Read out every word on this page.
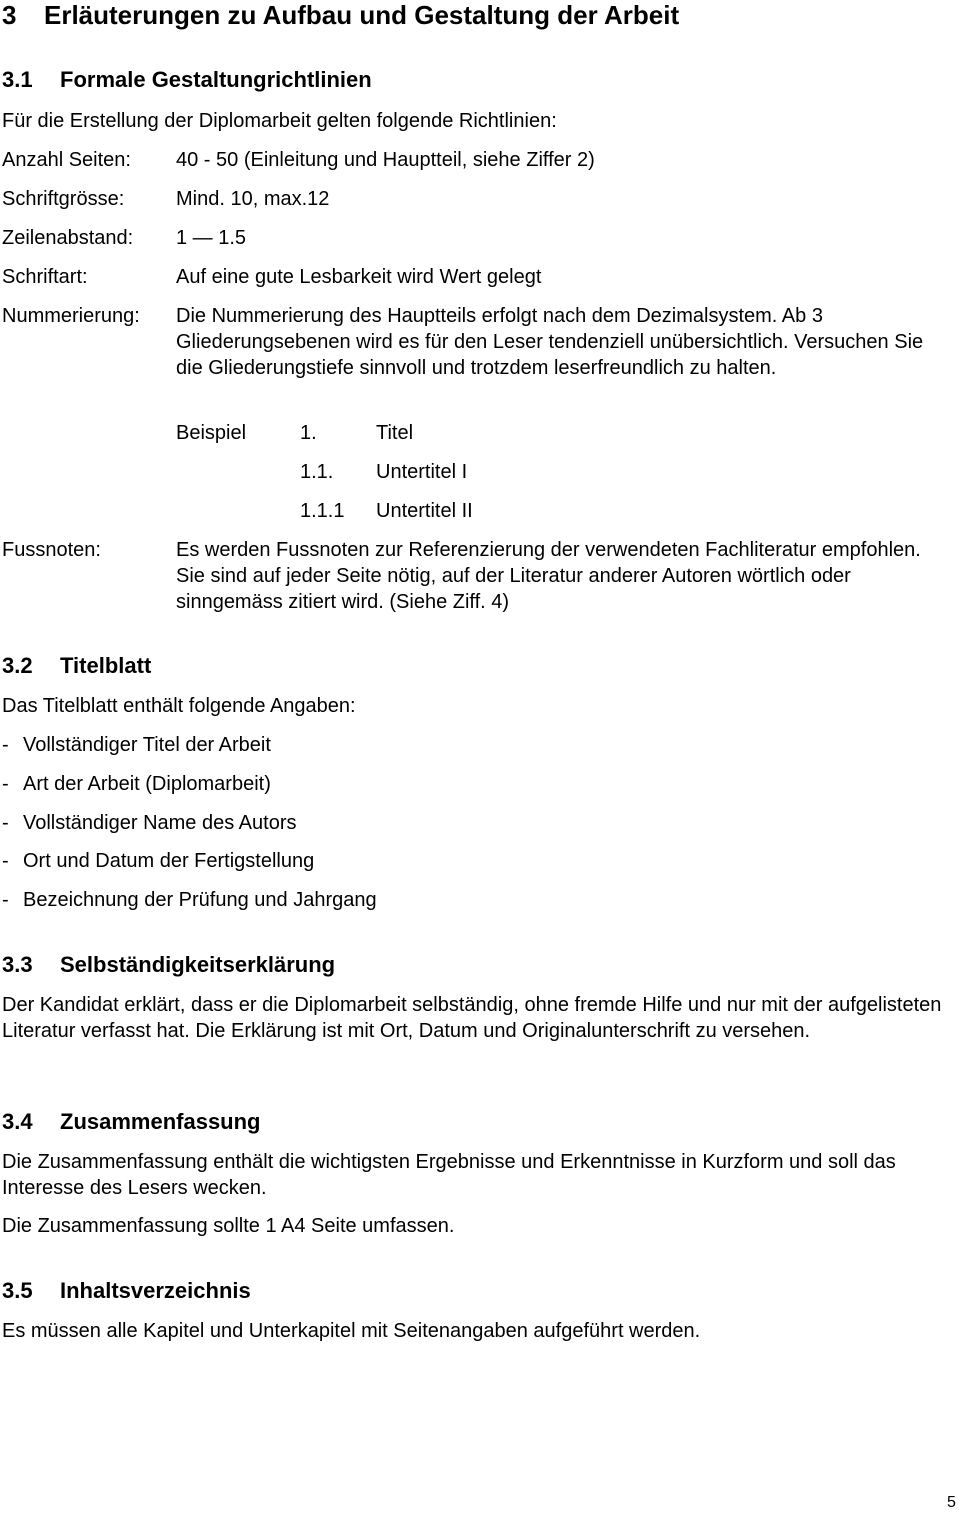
3 Erläuterungen zu Aufbau und Gestaltung der Arbeit
3.1 Formale Gestaltungrichtlinien

Für die Erstellung der Diplomarbeit gelten folgende Richtlinien:

Anzahl Seiten: 40 - 50 (Einleitung und Hauptteil, siehe Ziffer 2)
Schriftgrösse:	Mind. 10, max.12
Zeilenabstand: 1 — 1.5
Schriftart:	Auf eine gute Lesbarkeit wird Wert gelegt
Nummerierung: Die Nummerierung des Hauptteils erfolgt nach dem Dezimalsystem. Ab 3 Gliederungsebenen wird es für den Leser tendenziell unübersichtlich. Versuchen Sie die Gliederungstiefe sinnvoll und trotzdem leserfreundlich zu halten.
Beispiel	1.	Titel
1.1. Untertitel I
1.1.1 Untertitel II
Fussnoten:	Es werden Fussnoten zur Referenzierung der verwendeten Fachliteratur empfohlen. Sie sind auf jeder Seite nötig, auf der Literatur anderer Autoren wörtlich oder sinngemäss zitiert wird. (Siehe Ziff. 4)
3.2 Titelblatt

Das Titelblatt enthält folgende Angaben:

- Vollständiger Titel der Arbeit
- Art der Arbeit (Diplomarbeit)
- Vollständiger Name des Autors
- Ort und Datum der Fertigstellung
- Bezeichnung der Prüfung und Jahrgang
3.3 Selbständigkeitserklärung

Der Kandidat erklärt, dass er die Diplomarbeit selbständig, ohne fremde Hilfe und nur mit der aufgelisteten Literatur verfasst hat. Die Erklärung ist mit Ort, Datum und Originalunterschrift zu versehen.

3.4 Zusammenfassung

Die Zusammenfassung enthält die wichtigsten Ergebnisse und Erkenntnisse in Kurzform und soll das Interesse des Lesers wecken.

Die Zusammenfassung sollte 1 A4 Seite umfassen.

3.5 Inhaltsverzeichnis

Es müssen alle Kapitel und Unterkapitel mit Seitenangaben aufgeführt werden.

5
